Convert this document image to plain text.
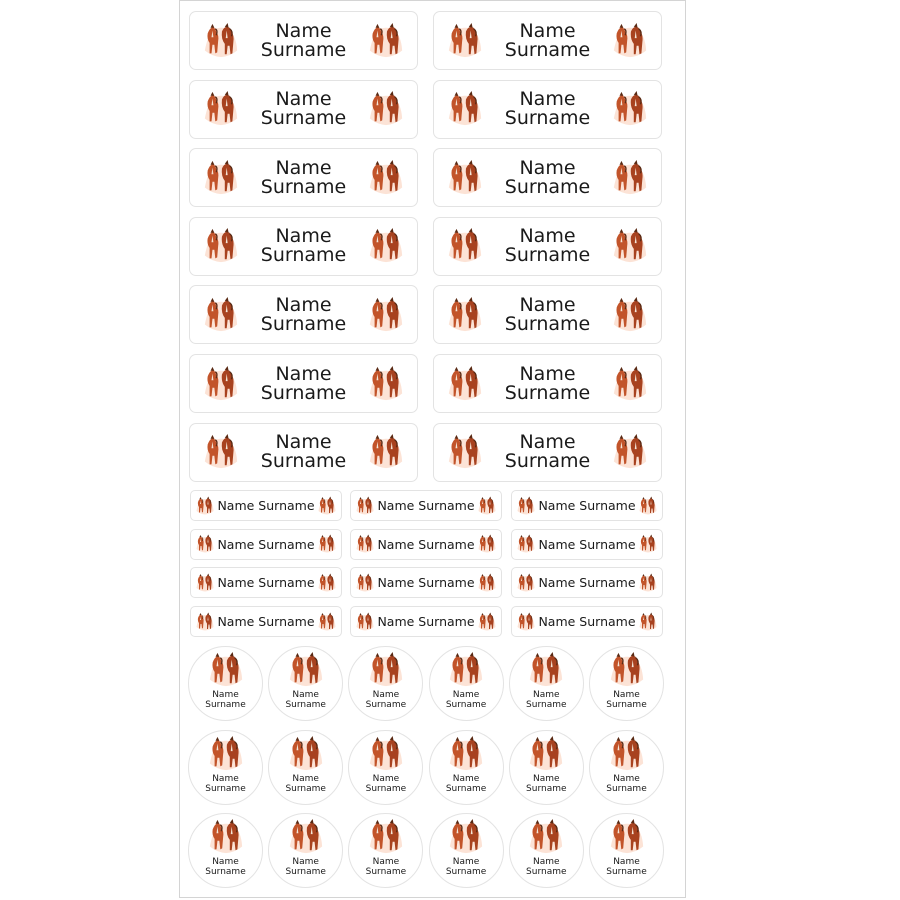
Name
Surname
Name
Surname
Name
Surname
Name
Surname
Name
Surname
Name
Surname
Name
Surname
Name
Surname
Name
Surname
Name
Surname
Name
Surname
Name
Surname
Name
Surname
Name
Surname
Name Surname	Name Surname	Name Surname
Name Surname	Name Surname	Name Surname
Name Surname	Name Surname	Name Surname
Name Surname	Name Surname	Name Surname
Name
Surname
Name
Surname
Name
Surname
Name
Surname
Name
Surname
Name
Surname
Name
Surname
Name
Surname
Name
Surname
Name
Surname
Name
Surname
Name
Surname
Name
Surname
Name
Surname
Name
Surname
Name
Surname
Name
Surname
Name
Surname
